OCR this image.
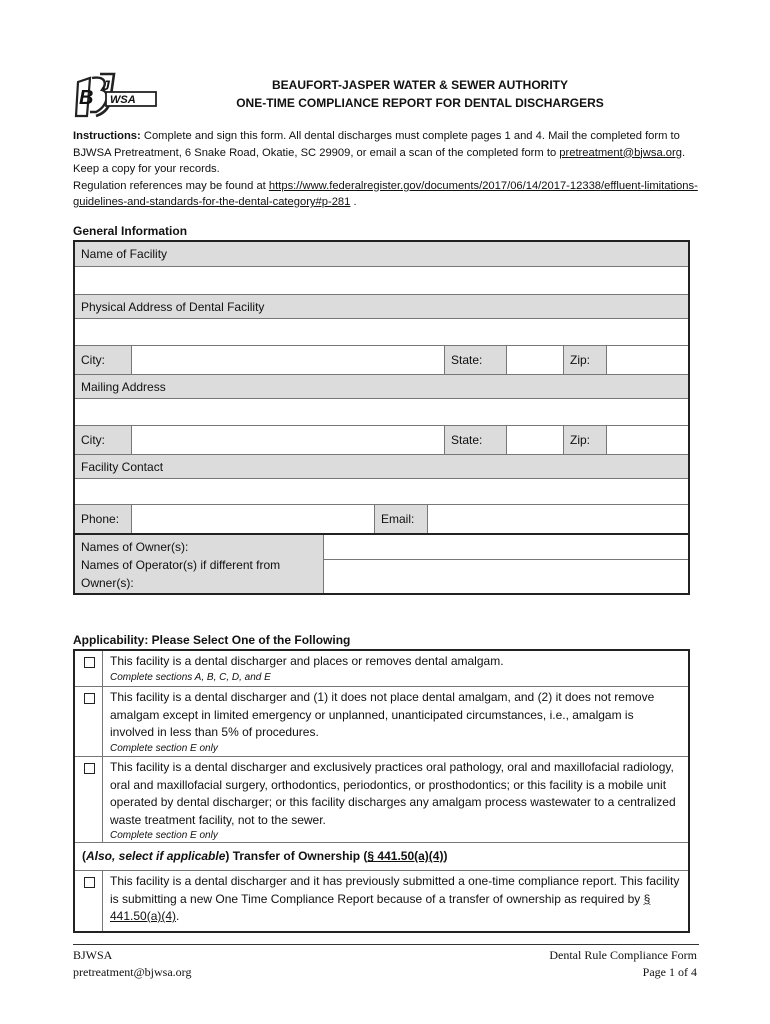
WSA
B
J	BEAUFORT-JASPER WATER & SEWER AUTHORITY
ONE-TIME COMPLIANCE REPORT FOR DENTAL DISCHARGERS
Instructions: Complete and sign this form. All dental discharges must complete pages 1 and 4. Mail the completed form to BJWSA Pretreatment, 6 Snake Road, Okatie, SC 29909, or email a scan of the completed form to pretreatment@bjwsa.org. Keep a copy for your records.
Regulation references may be found at https://www.federalregister.gov/documents/2017/06/14/2017-12338/effluent-limitations-guidelines-and-standards-for-the-dental-category#p-281 .
General Information
Name of Facility
Physical Address of Dental Facility
City:	State:	Zip:
Mailing Address
City:	State:	Zip:
Facility Contact
Phone:	Email:
Names of Owner(s):
Names of Operator(s) if different from Owner(s):
Applicability: Please Select One of the Following
This facility is a dental discharger and places or removes dental amalgam.
Complete sections A, B, C, D, and E
This facility is a dental discharger and (1) it does not place dental amalgam, and (2) it does not remove amalgam except in limited emergency or unplanned, unanticipated circumstances, i.e., amalgam is involved in less than 5% of procedures.
Complete section E only
This facility is a dental discharger and exclusively practices oral pathology, oral and maxillofacial radiology, oral and maxillofacial surgery, orthodontics, periodontics, or prosthodontics; or this facility is a mobile unit operated by dental discharger; or this facility discharges any amalgam process wastewater to a centralized waste treatment facility, not to the sewer.
Complete section E only
(Also, select if applicable) Transfer of Ownership (§ 441.50(a)(4))
This facility is a dental discharger and it has previously submitted a one-time compliance report. This facility is submitting a new One Time Compliance Report because of a transfer of ownership as required by § 441.50(a)(4).
BJWSA
pretreatment@bjwsa.org
Dental Rule Compliance Form
Page 1 of 4
